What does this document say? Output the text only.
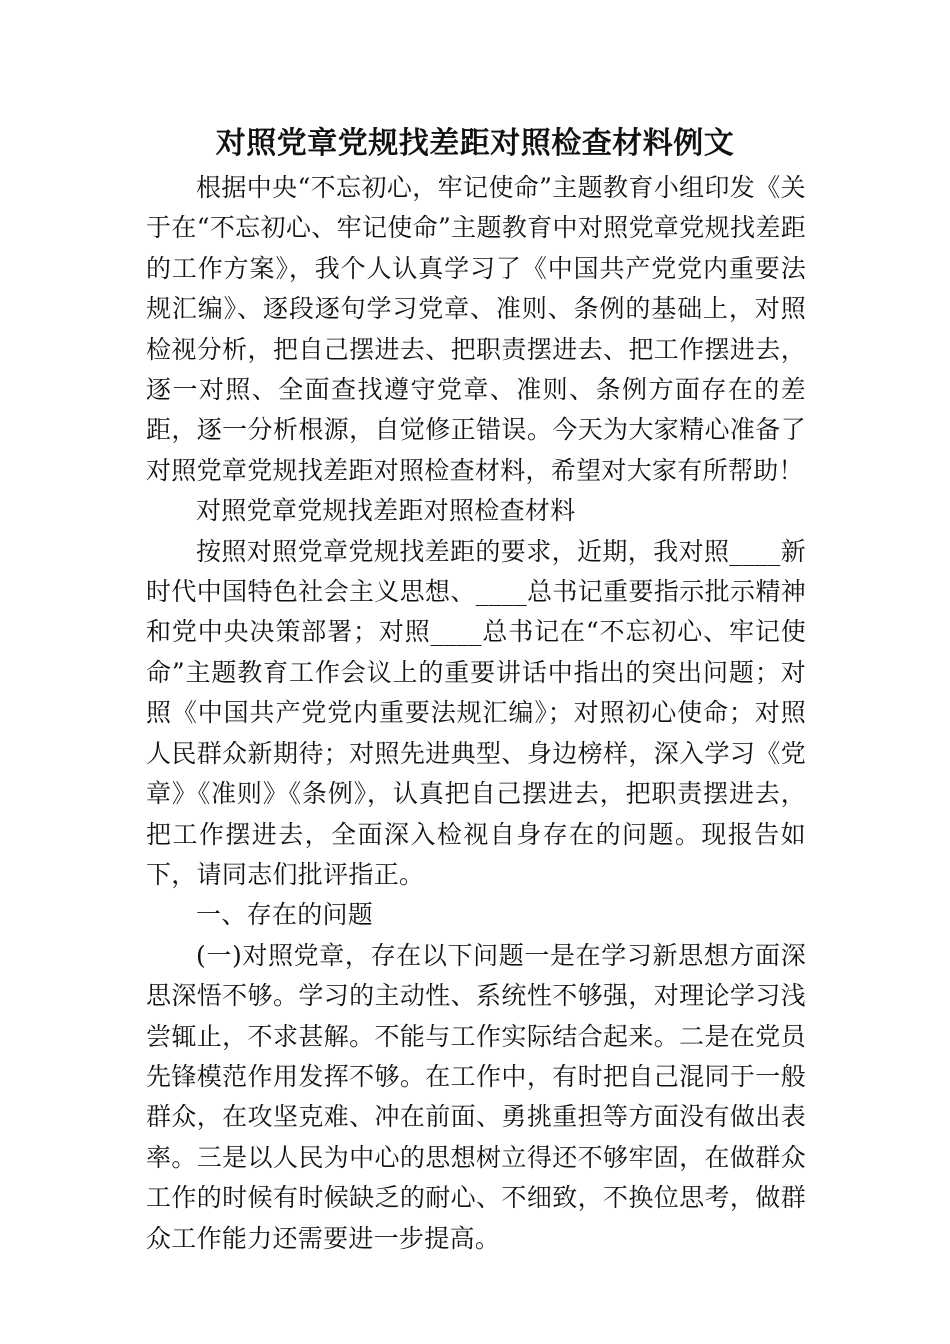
对照党章党规找差距对照检查材料例文

根据中央“不忘初心，牢记使命”主题教育小组印发《关于在“不忘初心、牢记使命”主题教育中对照党章党规找差距的工作方案》，我个人认真学习了《中国共产党党内重要法规汇编》、逐段逐句学习党章、准则、条例的基础上，对照检视分析，把自己摆进去、把职责摆进去、把工作摆进去，逐一对照、全面查找遵守党章、准则、条例方面存在的差距，逐一分析根源，自觉修正错误。今天为大家精心准备了对照党章党规找差距对照检查材料，希望对大家有所帮助！

对照党章党规找差距对照检查材料

按照对照党章党规找差距的要求，近期，我对照____新时代中国特色社会主义思想、____总书记重要指示批示精神和党中央决策部署；对照____总书记在“不忘初心、牢记使命”主题教育工作会议上的重要讲话中指出的突出问题；对照《中国共产党党内重要法规汇编》；对照初心使命；对照人民群众新期待；对照先进典型、身边榜样，深入学习《党章》《准则》《条例》，认真把自己摆进去，把职责摆进去，把工作摆进去，全面深入检视自身存在的问题。现报告如下，请同志们批评指正。

一、存在的问题

(一)对照党章，存在以下问题一是在学习新思想方面深思深悟不够。学习的主动性、系统性不够强，对理论学习浅尝辄止，不求甚解。不能与工作实际结合起来。二是在党员先锋模范作用发挥不够。在工作中，有时把自己混同于一般群众，在攻坚克难、冲在前面、勇挑重担等方面没有做出表率。三是以人民为中心的思想树立得还不够牢固，在做群众工作的时候有时候缺乏的耐心、不细致，不换位思考，做群众工作能力还需要进一步提高。
